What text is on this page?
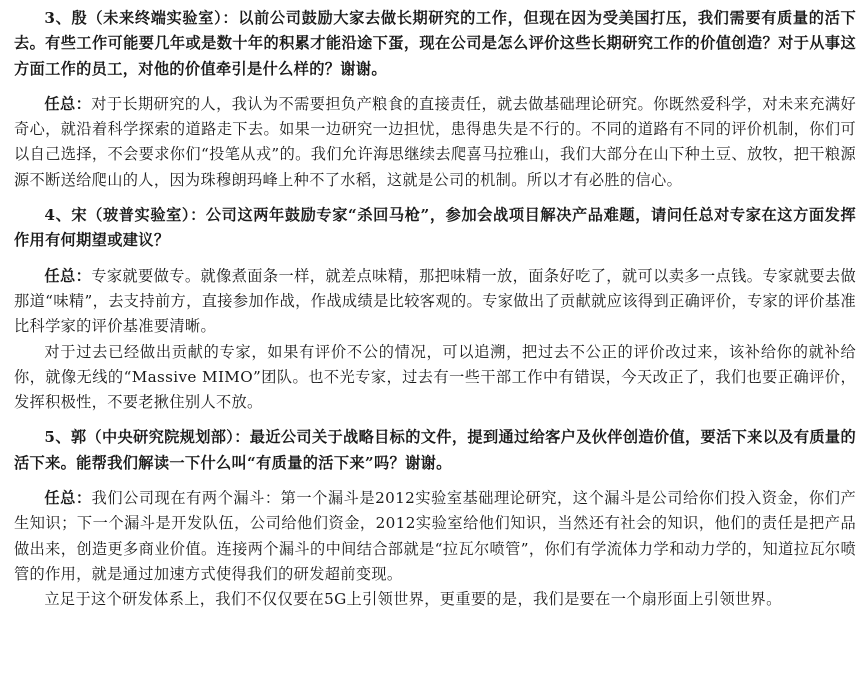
3、殷（未来终端实验室）：以前公司鼓励大家去做长期研究的工作，但现在因为受美国打压，我们需要有质量的活下去。有些工作可能要几年或是数十年的积累才能沿途下蛋，现在公司是怎么评价这些长期研究工作的价值创造？对于从事这方面工作的员工，对他的价值牵引是什么样的？谢谢。

任总：对于长期研究的人，我认为不需要担负产粮食的直接责任，就去做基础理论研究。你既然爱科学，对未来充满好奇心，就沿着科学探索的道路走下去。如果一边研究一边担忧，患得患失是不行的。不同的道路有不同的评价机制，你们可以自己选择，不会要求你们“投笔从戎”的。我们允许海思继续去爬喜马拉雅山，我们大部分在山下种土豆、放牧，把干粮源源不断送给爬山的人，因为珠穆朗玛峰上种不了水稻，这就是公司的机制。所以才有必胜的信心。

4、宋（玻普实验室）：公司这两年鼓励专家“杀回马枪”，参加会战项目解决产品难题，请问任总对专家在这方面发挥作用有何期望或建议？

任总：专家就要做专。就像煮面条一样，就差点味精，那把味精一放，面条好吃了，就可以卖多一点钱。专家就要去做那道“味精”，去支持前方，直接参加作战，作战成绩是比较客观的。专家做出了贡献就应该得到正确评价，专家的评价基准比科学家的评价基准要清晰。

对于过去已经做出贡献的专家，如果有评价不公的情况，可以追溯，把过去不公正的评价改过来，该补给你的就补给你，就像无线的“Massive MIMO”团队。也不光专家，过去有一些干部工作中有错误，今天改正了，我们也要正确评价，发挥积极性，不要老揪住别人不放。

5、郭（中央研究院规划部）：最近公司关于战略目标的文件，提到通过给客户及伙伴创造价值，要活下来以及有质量的活下来。能帮我们解读一下什么叫“有质量的活下来”吗？谢谢。

任总：我们公司现在有两个漏斗：第一个漏斗是2012实验室基础理论研究，这个漏斗是公司给你们投入资金，你们产生知识；下一个漏斗是开发队伍，公司给他们资金，2012实验室给他们知识，当然还有社会的知识，他们的责任是把产品做出来，创造更多商业价值。连接两个漏斗的中间结合部就是“拉瓦尔喷管”，你们有学流体力学和动力学的，知道拉瓦尔喷管的作用，就是通过加速方式使得我们的研发超前变现。

立足于这个研发体系上，我们不仅仅要在5G上引领世界，更重要的是，我们是要在一个扇形面上引领世界。
